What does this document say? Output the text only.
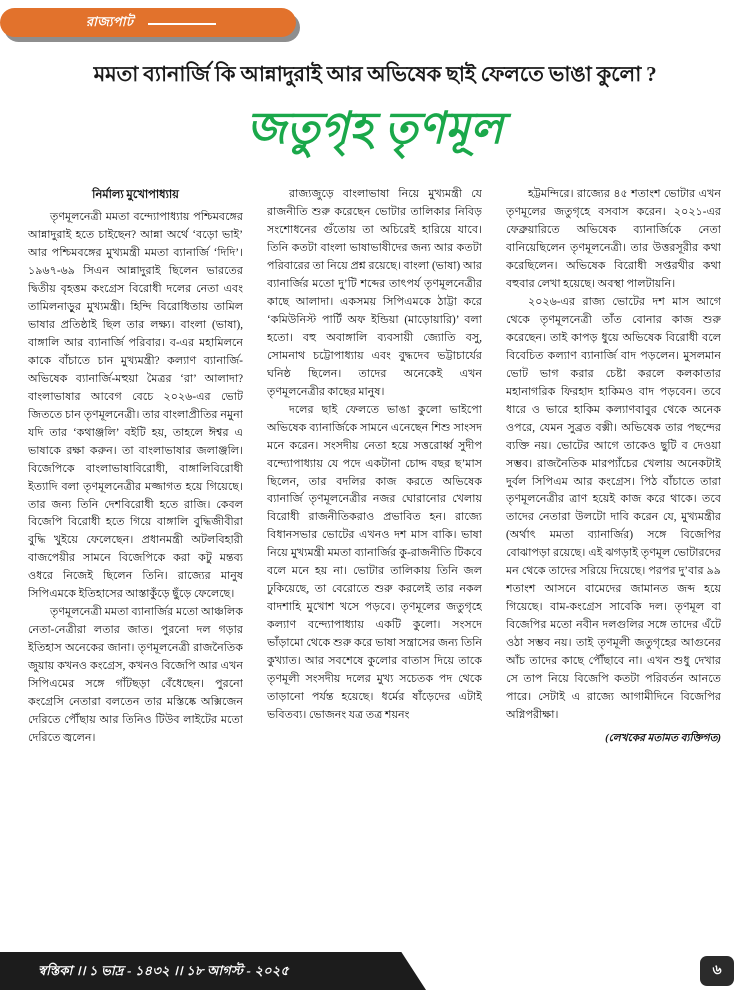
রাজ্যপাট
মমতা ব্যানার্জি কি আন্নাদুরাই আর অভিষেক ছাই ফেলতে ভাঙা কুলো ?
জতুগৃহ তৃণমূল

নির্মাল্য মুখোপাধ্যায়

তৃণমূলনেত্রী মমতা বন্দ্যোপাধ্যায় পশ্চিমবঙ্গের আন্নাদুরাই হতে চাইছেন? আন্না অর্থে ‘বড়ো ভাই’ আর পশ্চিমবঙ্গের মুখ্যমন্ত্রী মমতা ব্যানার্জি ‘দিদি’। ১৯৬৭-৬৯ সিএন আন্নাদুরাই ছিলেন ভারতের দ্বিতীয় বৃহত্তম কংগ্রেস বিরোধী দলের নেতা এবং তামিলনাড়ুর মুখ্যমন্ত্রী। হিন্দি বিরোধিতায় তামিল ভাষার প্রতিষ্ঠাই ছিল তার লক্ষ্য। বাংলা (ভাষা), বাঙ্গালি আর ব্যানার্জি পরিবার। ব-এর মহামিলনে কাকে বাঁচাতে চান মুখ্যমন্ত্রী? কল্যাণ ব্যানার্জি-অভিষেক ব্যানার্জি-মহুয়া মৈত্রর ‘রা’ আলাদা? বাংলাভাষার আবেগ বেচে ২০২৬-এর ভোট জিততে চান তৃণমূলনেত্রী। তার বাংলাপ্রীতির নমুনা যদি তার ‘কথাঞ্জলি’ বইটি হয়, তাহলে ঈশ্বর এ ভাষাকে রক্ষা করুন। তা বাংলাভাষার জলাঞ্জলি। বিজেপিকে বাংলাভাষাবিরোধী, বাঙ্গালিবিরোধী ইত্যাদি বলা তৃণমূলনেত্রীর মজ্জাগত হয়ে গিয়েছে। তার জন্য তিনি দেশবিরোধী হতে রাজি। কেবল বিজেপি বিরোধী হতে গিয়ে বাঙ্গালি বুদ্ধিজীবীরা বুদ্ধি খুইয়ে ফেলেছেন। প্রধানমন্ত্রী অটলবিহারী বাজপেয়ীর সামনে বিজেপিকে করা কটু মন্তব্য ওধরে নিজেই ছিলেন তিনি। রাজ্যের মানুষ সিপিএমকে ইতিহাসের আস্তাকুঁড়ে ছুঁড়ে ফেলেছে।

তৃণমূলনেত্রী মমতা ব্যানার্জির মতো আঞ্চলিক নেতা-নেত্রীরা লতার জাত। পুরনো দল গড়ার ইতিহাস অনেকের জানা। তৃণমূলনেত্রী রাজনৈতিক জুয়ায় কখনও কংগ্রেস, কখনও বিজেপি আর এখন সিপিএমের সঙ্গে গাঁটছড়া বেঁধেছেন। পুরনো কংগ্রেসি নেতারা বলতেন তার মস্তিষ্কে অক্সিজেন দেরিতে পৌঁছায় আর তিনিও টিউব লাইটের মতো দেরিতে জ্বলেন।

রাজ্যজুড়ে বাংলাভাষা নিয়ে মুখ্যমন্ত্রী যে রাজনীতি শুরু করেছেন ভোটার তালিকার নিবিড় সংশোধনের গুঁতোয় তা অচিরেই হারিয়ে যাবে। তিনি কতটা বাংলা ভাষাভাষীদের জন্য আর কতটা পরিবারের তা নিয়ে প্রশ্ন রয়েছে। বাংলা (ভাষা) আর ব্যানার্জির মতো দু’টি শব্দের তাৎপর্য তৃণমূলনেত্রীর কাছে আলাদা। একসময় সিপিএমকে ঠাট্টা করে ‘কমিউনিস্ট পার্টি অফ ইন্ডিয়া (মাড়োয়ারি)’ বলা হতো। বহু অবাঙ্গালি ব্যবসায়ী জ্যোতি বসু, সোমনাথ চট্টোপাধ্যায় এবং বুদ্ধদেব ভট্টাচার্যের ঘনিষ্ঠ ছিলেন। তাদের অনেকেই এখন তৃণমূলনেত্রীর কাছের মানুষ।

দলের ছাই ফেলতে ভাঙা কুলো ভাইপো অভিষেক ব্যানার্জিকে সামনে এনেছেন শিশু সাংসদ মনে করেন। সংসদীয় নেতা হয়ে সত্তরোর্ধ্ব সুদীপ বন্দ্যোপাধ্যায় যে পদে একটানা চোদ্দ বছর ছ’মাস ছিলেন, তার বদলির কাজ করতে অভিষেক ব্যানার্জি তৃণমূলনেত্রীর নজর ঘোরানোর খেলায় বিরোধী রাজনীতিকরাও প্রভাবিত হন। রাজ্যে বিধানসভার ভোটের এখনও দশ মাস বাকি। ভাষা নিয়ে মুখ্যমন্ত্রী মমতা ব্যানার্জির কু-রাজনীতি টিকবে বলে মনে হয় না। ভোটার তালিকায় তিনি জল ঢুকিয়েছে, তা বেরোতে শুরু করলেই তার নকল বাদশাহি মুখোশ খসে পড়বে। তৃণমূলের জতুগৃহে কল্যাণ বন্দ্যোপাধ্যায় একটি কুলো। সংসদে ভাঁড়ামো থেকে শুরু করে ভাষা সন্ত্রাসের জন্য তিনি কুখ্যাত। আর সবশেষে কুলোর বাতাস দিয়ে তাকে তৃণমূলী সংসদীয় দলের মুখ্য সচেতক পদ থেকে তাড়ানো পর্যন্ত হয়েছে। ধর্মের ষাঁড়েদের এটাই ভবিতব্য। ভোজনং যত্র তত্র শয়নং

হট্টমন্দিরে। রাজ্যের ৪৫ শতাংশ ভোটার এখন তৃণমূলের জতুগৃহে বসবাস করেন। ২০২১-এর ফেব্রুয়ারিতে অভিষেক ব্যানার্জিকে নেতা বানিয়েছিলেন তৃণমূলনেত্রী। তার উত্তরসূরীর কথা করেছিলেন। অভিষেক বিরোধী সপ্তরথীর কথা বহুবার লেখা হয়েছে। অবস্থা পালটায়নি।

২০২৬-এর রাজ্য ভোটের দশ মাস আগে থেকে তৃণমূলনেত্রী তাঁত বোনার কাজ শুরু করেছেন। তাই কাপড় ধুয়ে অভিষেক বিরোধী বলে বিবেচিত কল্যাণ ব্যানার্জি বাদ পড়লেন। মুসলমান ভোট ভাগ করার চেষ্টা করলে কলকাতার মহানাগরিক ফিরহাদ হাকিমও বাদ পড়বেন। তবে ধারে ও ভারে হাকিম কল্যাণবাবুর থেকে অনেক ওপরে, যেমন সুব্রত বক্সী। অভিষেক তার পছন্দের ব্যক্তি নয়। ভোটের আগে তাকেও ছুটি ব দেওয়া সম্ভব। রাজনৈতিক মারপ্যাঁচের খেলায় অনেকটাই দুর্বল সিপিএম আর কংগ্রেস। পিঠ বাঁচাতে তারা তৃণমূলনেত্রীর ত্রাণ হয়েই কাজ করে থাকে। তবে তাদের নেতারা উলটো দাবি করেন যে, মুখ্যমন্ত্রীর (অর্থাৎ মমতা ব্যানার্জির) সঙ্গে বিজেপির বোঝাপড়া রয়েছে। এই ঝগড়াই তৃণমূল ভোটারদের মন থেকে তাদের সরিয়ে দিয়েছে। পরপর দু’বার ৯৯ শতাংশ আসনে বামেদের জামানত জব্দ হয়ে গিয়েছে। বাম-কংগ্রেস সাবেকি দল। তৃণমূল বা বিজেপির মতো নবীন দলগুলির সঙ্গে তাদের এঁটে ওঠা সম্ভব নয়। তাই তৃণমূলী জতুগৃহের আগুনের আঁচ তাদের কাছে পৌঁছাবে না। এখন শুধু দেখার সে তাপ নিয়ে বিজেপি কতটা পরিবর্তন আনতে পারে। সেটাই এ রাজ্যে আগামীদিনে বিজেপির অগ্নিপরীক্ষা।

(লেখকের মতামত ব্যক্তিগত)

স্বস্তিকা ।। ১ ভাদ্র - ১৪৩২ ।। ১৮ আগস্ট - ২০২৫	৬
